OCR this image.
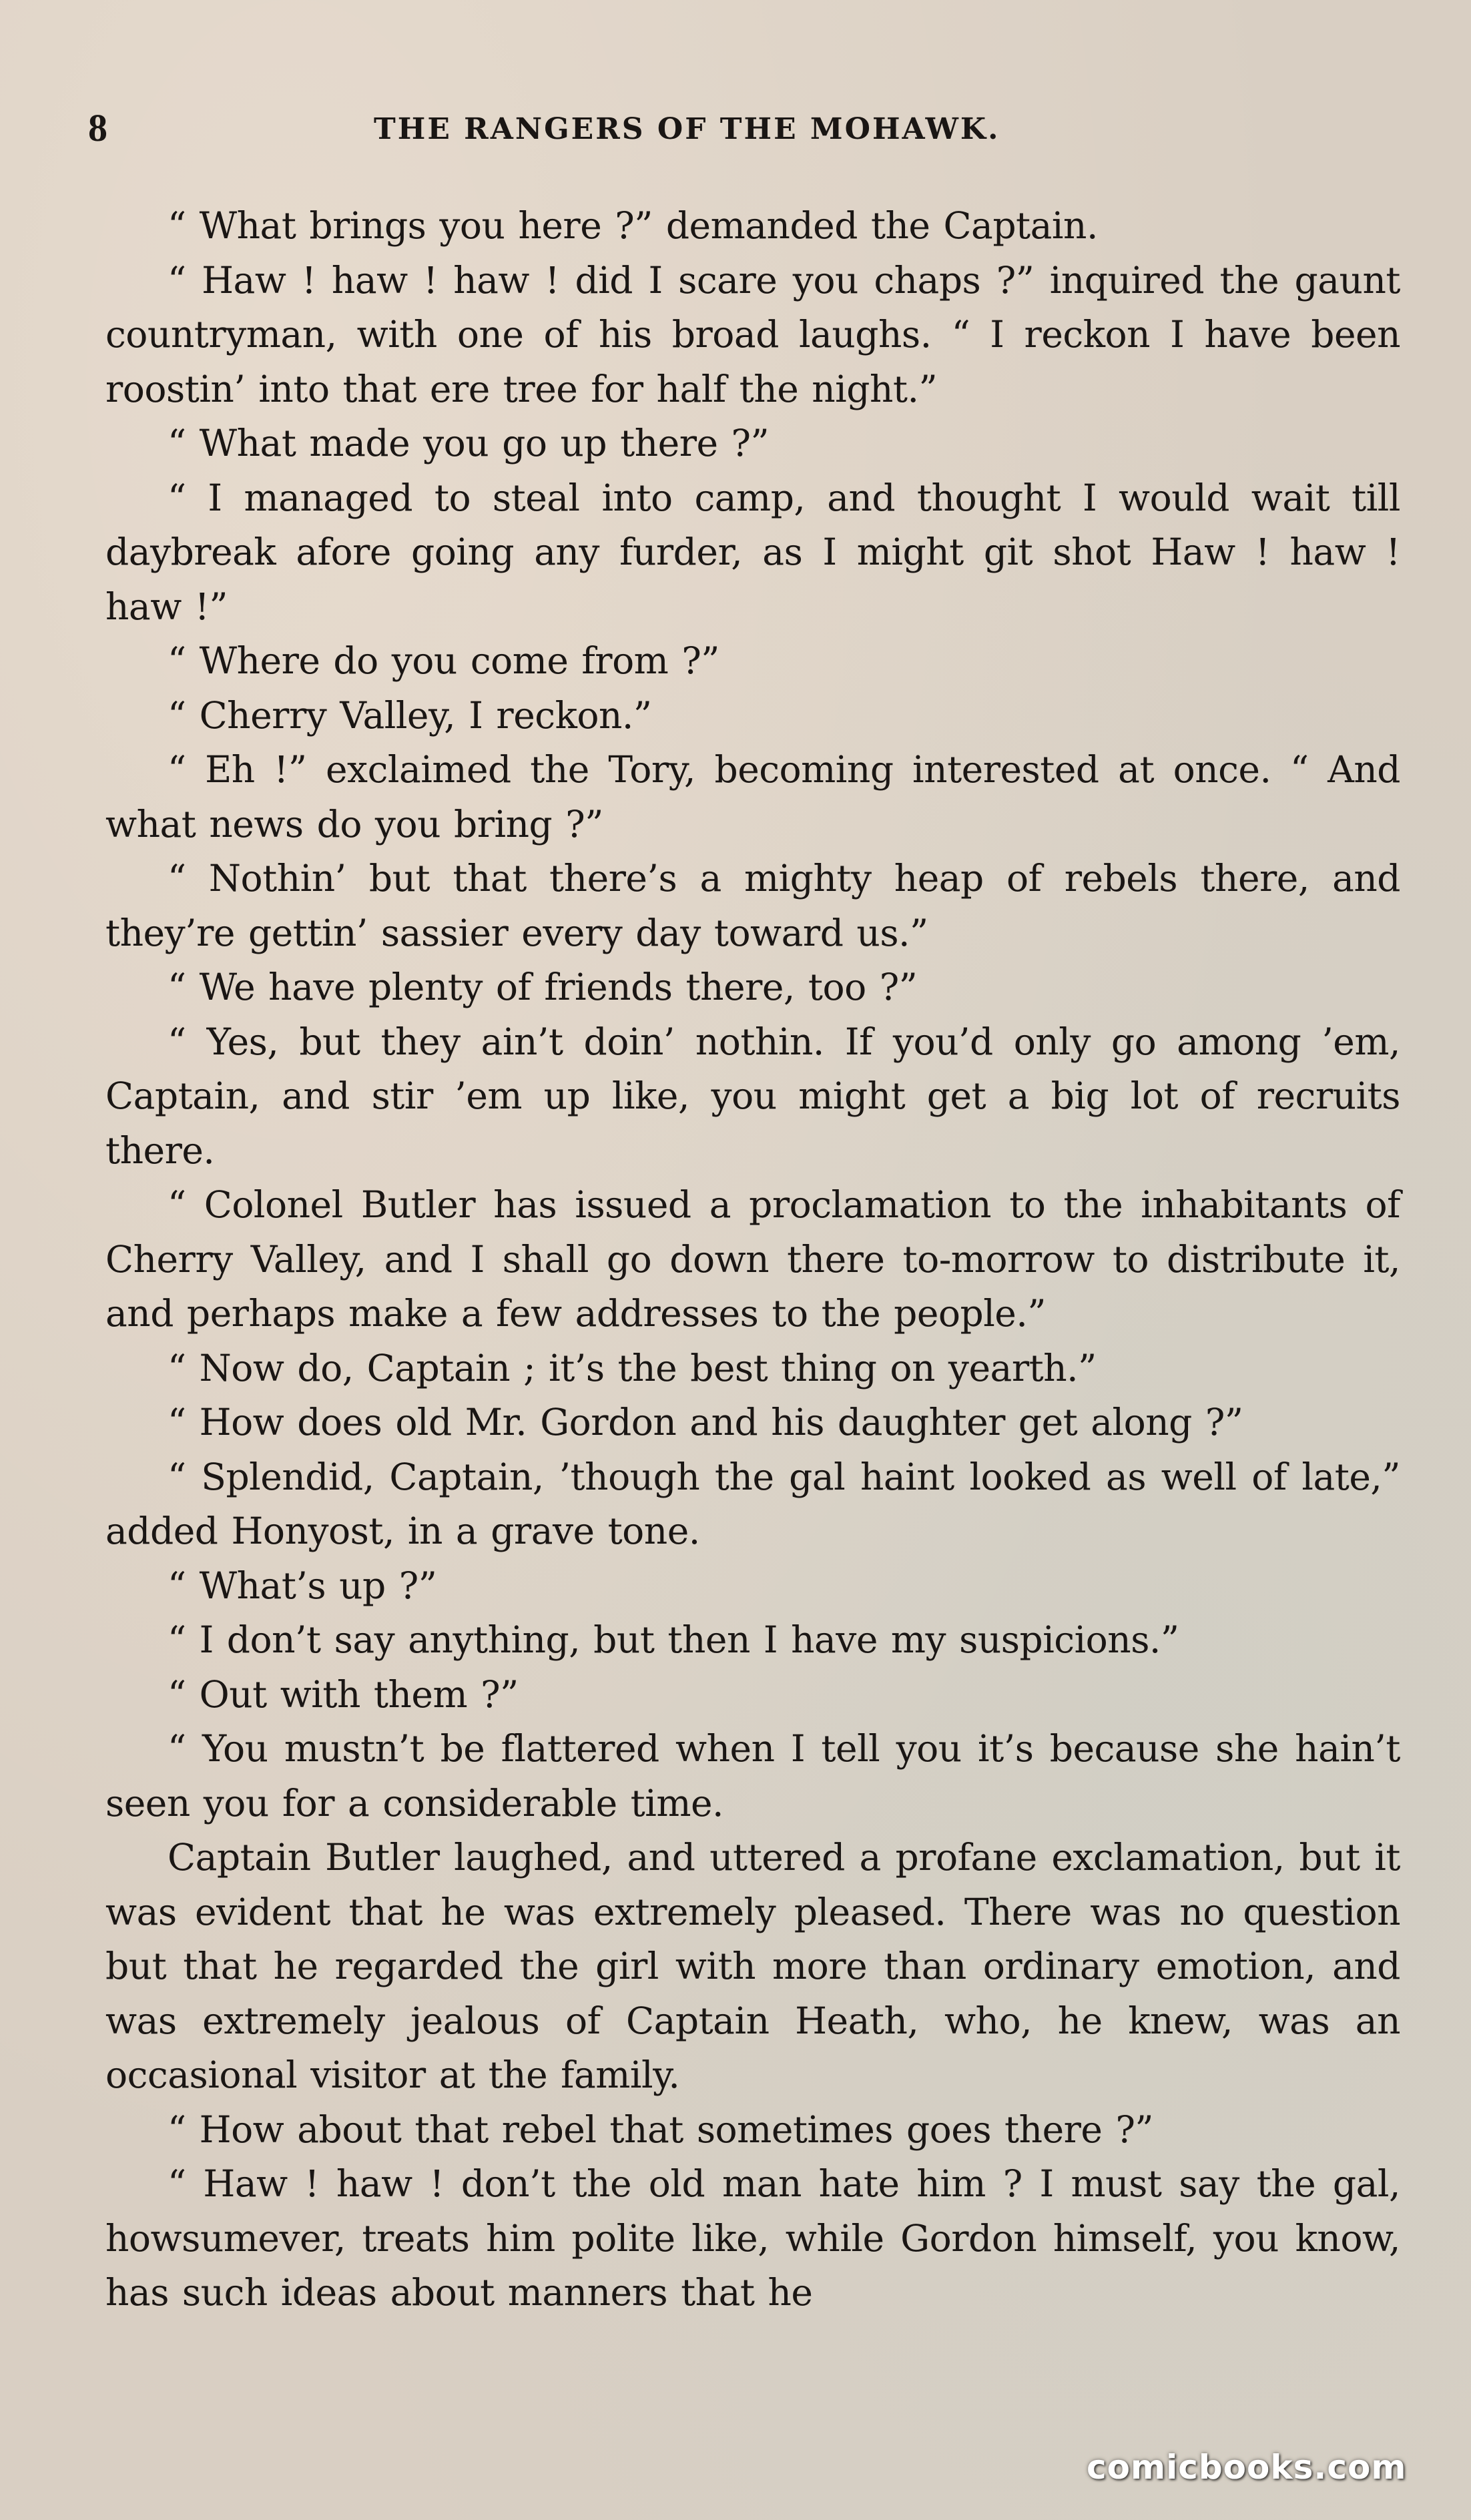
8	THE RANGERS OF THE MOHAWK.

“ What brings you here ?” demanded the Captain.

“ Haw ! haw ! haw ! did I scare you chaps ?” inquired the gaunt countryman, with one of his broad laughs. “ I reckon I have been roostin’ into that ere tree for half the night.”

“ What made you go up there ?”

“ I managed to steal into camp, and thought I would wait till daybreak afore going any furder, as I might git shot Haw ! haw ! haw !”

“ Where do you come from ?”

“ Cherry Valley, I reckon.”

“ Eh !” exclaimed the Tory, becoming interested at once. “ And what news do you bring ?”

“ Nothin’ but that there’s a mighty heap of rebels there, and they’re gettin’ sassier every day toward us.”

“ We have plenty of friends there, too ?”

“ Yes, but they ain’t doin’ nothin. If you’d only go among ’em, Captain, and stir ’em up like, you might get a big lot of recruits there.

“ Colonel Butler has issued a proclamation to the inhabitants of Cherry Valley, and I shall go down there to-morrow to distribute it, and perhaps make a few addresses to the people.”

“ Now do, Captain ; it’s the best thing on yearth.”

“ How does old Mr. Gordon and his daughter get along ?”

“ Splendid, Captain, ’though the gal haint looked as well of late,” added Honyost, in a grave tone.

“ What’s up ?”

“ I don’t say anything, but then I have my suspicions.”

“ Out with them ?”

“ You mustn’t be flattered when I tell you it’s because she hain’t seen you for a considerable time.

Captain Butler laughed, and uttered a profane exclamation, but it was evident that he was extremely pleased. There was no question but that he regarded the girl with more than ordinary emotion, and was extremely jealous of Captain Heath, who, he knew, was an occasional visitor at the family.

“ How about that rebel that sometimes goes there ?”

“ Haw ! haw ! don’t the old man hate him ? I must say the gal, howsumever, treats him polite like, while Gordon himself, you know, has such ideas about manners that he

comicbooks.com
